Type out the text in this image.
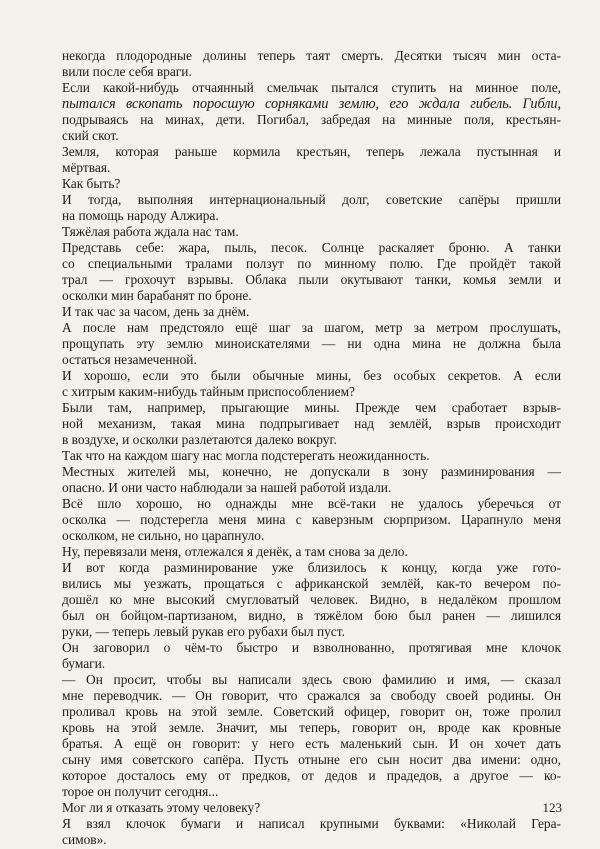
некогда плодородные долины теперь таят смерть. Десятки тысяч мин оста-
вили после себя враги.
Если какой-нибудь отчаянный смельчак пытался ступить на минное поле,
пытался вскопать поросшую сорняками землю, его ждала гибель. Гибли,
подрываясь на минах, дети. Погибал, забредая на минные поля, крестьян-
ский скот.
Земля, которая раньше кормила крестьян, теперь лежала пустынная и
мёртвая.
Как быть?
И тогда, выполняя интернациональный долг, советские сапёры пришли
на помощь народу Алжира.
Тяжёлая работа ждала нас там.
Представь себе: жара, пыль, песок. Солнце раскаляет броню. А танки
со специальными тралами ползут по минному полю. Где пройдёт такой
трал — грохочут взрывы. Облака пыли окутывают танки, комья земли и
осколки мин барабанят по броне.
И так час за часом, день за днём.
А после нам предстояло ещё шаг за шагом, метр за метром прослушать,
прощупать эту землю миноискателями — ни одна мина не должна была
остаться незамеченной.
И хорошо, если это были обычные мины, без особых секретов. А если
с хитрым каким-нибудь тайным приспособлением?
Были там, например, прыгающие мины. Прежде чем сработает взрыв-
ной механизм, такая мина подпрыгивает над землёй, взрыв происходит
в воздухе, и осколки разлетаются далеко вокруг.
Так что на каждом шагу нас могла подстерегать неожиданность.
Местных жителей мы, конечно, не допускали в зону разминирования —
опасно. И они часто наблюдали за нашей работой издали.
Всё шло хорошо, но однажды мне всё-таки не удалось уберечься от
осколка — подстерегла меня мина с каверзным сюрпризом. Царапнуло меня
осколком, не сильно, но царапнуло.
Ну, перевязали меня, отлежался я денёк, а там снова за дело.
И вот когда разминирование уже близилось к концу, когда уже гото-
вились мы уезжать, прощаться с африканской землёй, как-то вечером по-
дошёл ко мне высокий смугловатый человек. Видно, в недалёком прошлом
был он бойцом-партизаном, видно, в тяжёлом бою был ранен — лишился
руки, — теперь левый рукав его рубахи был пуст.
Он заговорил о чём-то быстро и взволнованно, протягивая мне клочок
бумаги.
— Он просит, чтобы вы написали здесь свою фамилию и имя, — сказал
мне переводчик. — Он говорит, что сражался за свободу своей родины. Он
проливал кровь на этой земле. Советский офицер, говорит он, тоже пролил
кровь на этой земле. Значит, мы теперь, говорит он, вроде как кровные
братья. А ещё он говорит: у него есть маленький сын. И он хочет дать
сыну имя советского сапёра. Пусть отныне его сын носит два имени: одно,
которое досталось ему от предков, от дедов и прадедов, а другое — ко-
торое он получит сегодня...
Мог ли я отказать этому человеку?
Я взял клочок бумаги и написал крупными буквами: «Николай Гера-
симов».
123
